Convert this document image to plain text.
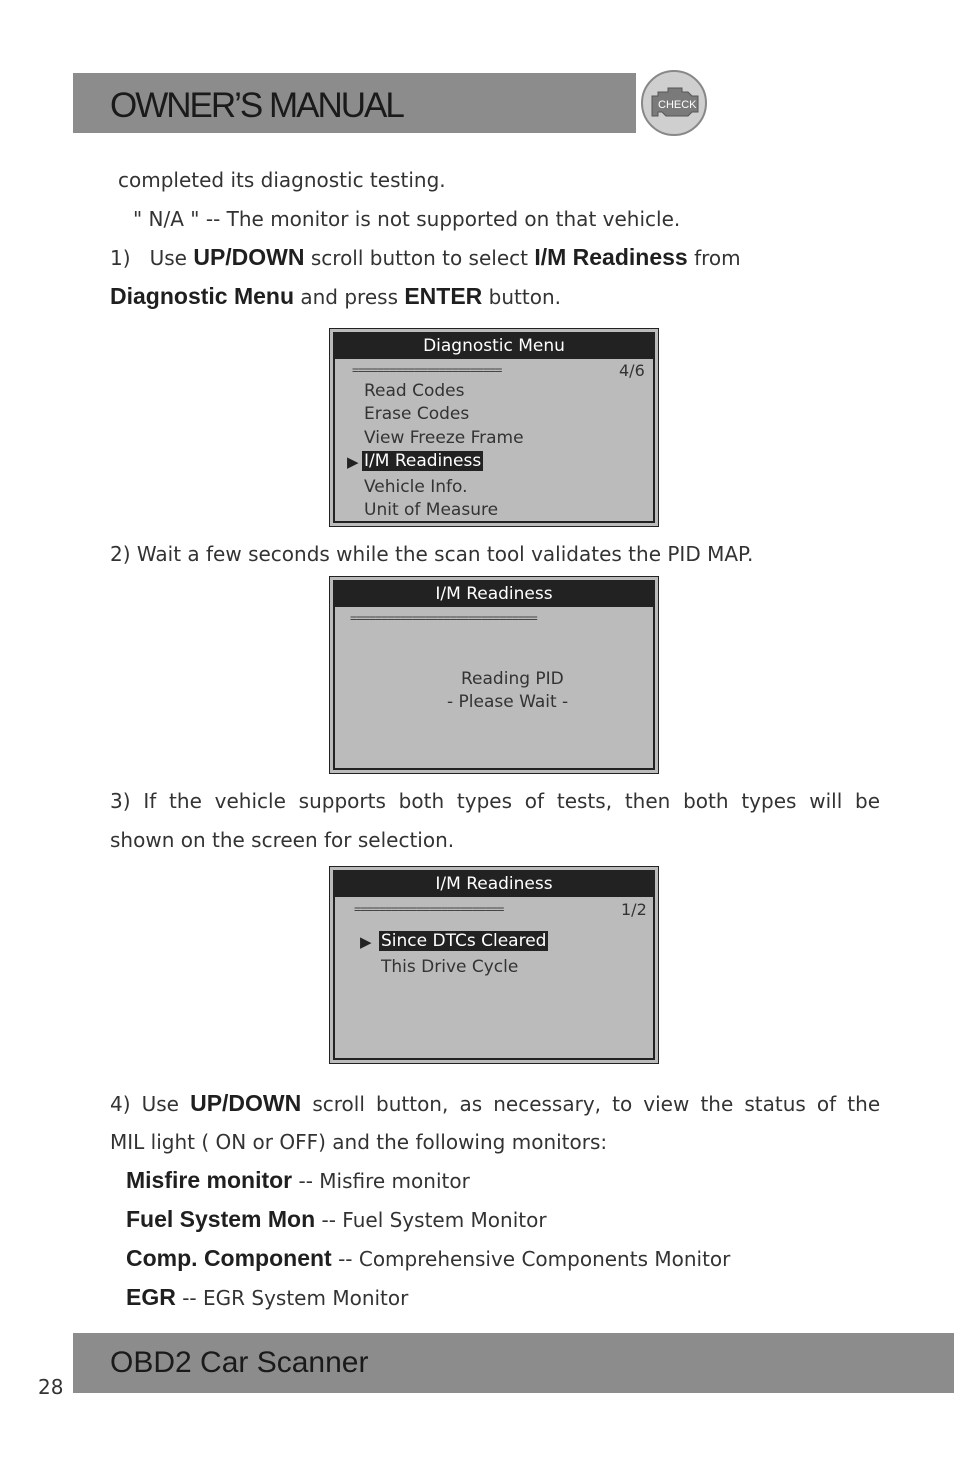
OWNER’S MANUAL	CHECK
completed its diagnostic testing.
" N/A " -- The monitor is not supported on that vehicle.
1) Use UP/DOWN scroll button to select I/M Readiness from
Diagnostic Menu and press ENTER button.
Diagnostic Menu
========================	4/6
Read Codes
Erase Codes
View Freeze Frame
▶ I/M Readiness
Vehicle Info.
Unit of Measure
2) Wait a few seconds while the scan tool validates the PID MAP.
I/M Readiness
==============================
Reading PID
- Please Wait -
3) If the vehicle supports both types of tests, then both types will be
shown on the screen for selection.
I/M Readiness
========================	1/2
▶ Since DTCs Cleared
This Drive Cycle
4) Use UP/DOWN scroll button, as necessary, to view the status of the
MIL light ( ON or OFF) and the following monitors:
Misfire monitor -- Misfire monitor
Fuel System Mon -- Fuel System Monitor
Comp. Component -- Comprehensive Components Monitor
EGR -- EGR System Monitor
OBD2 Car Scanner
28
